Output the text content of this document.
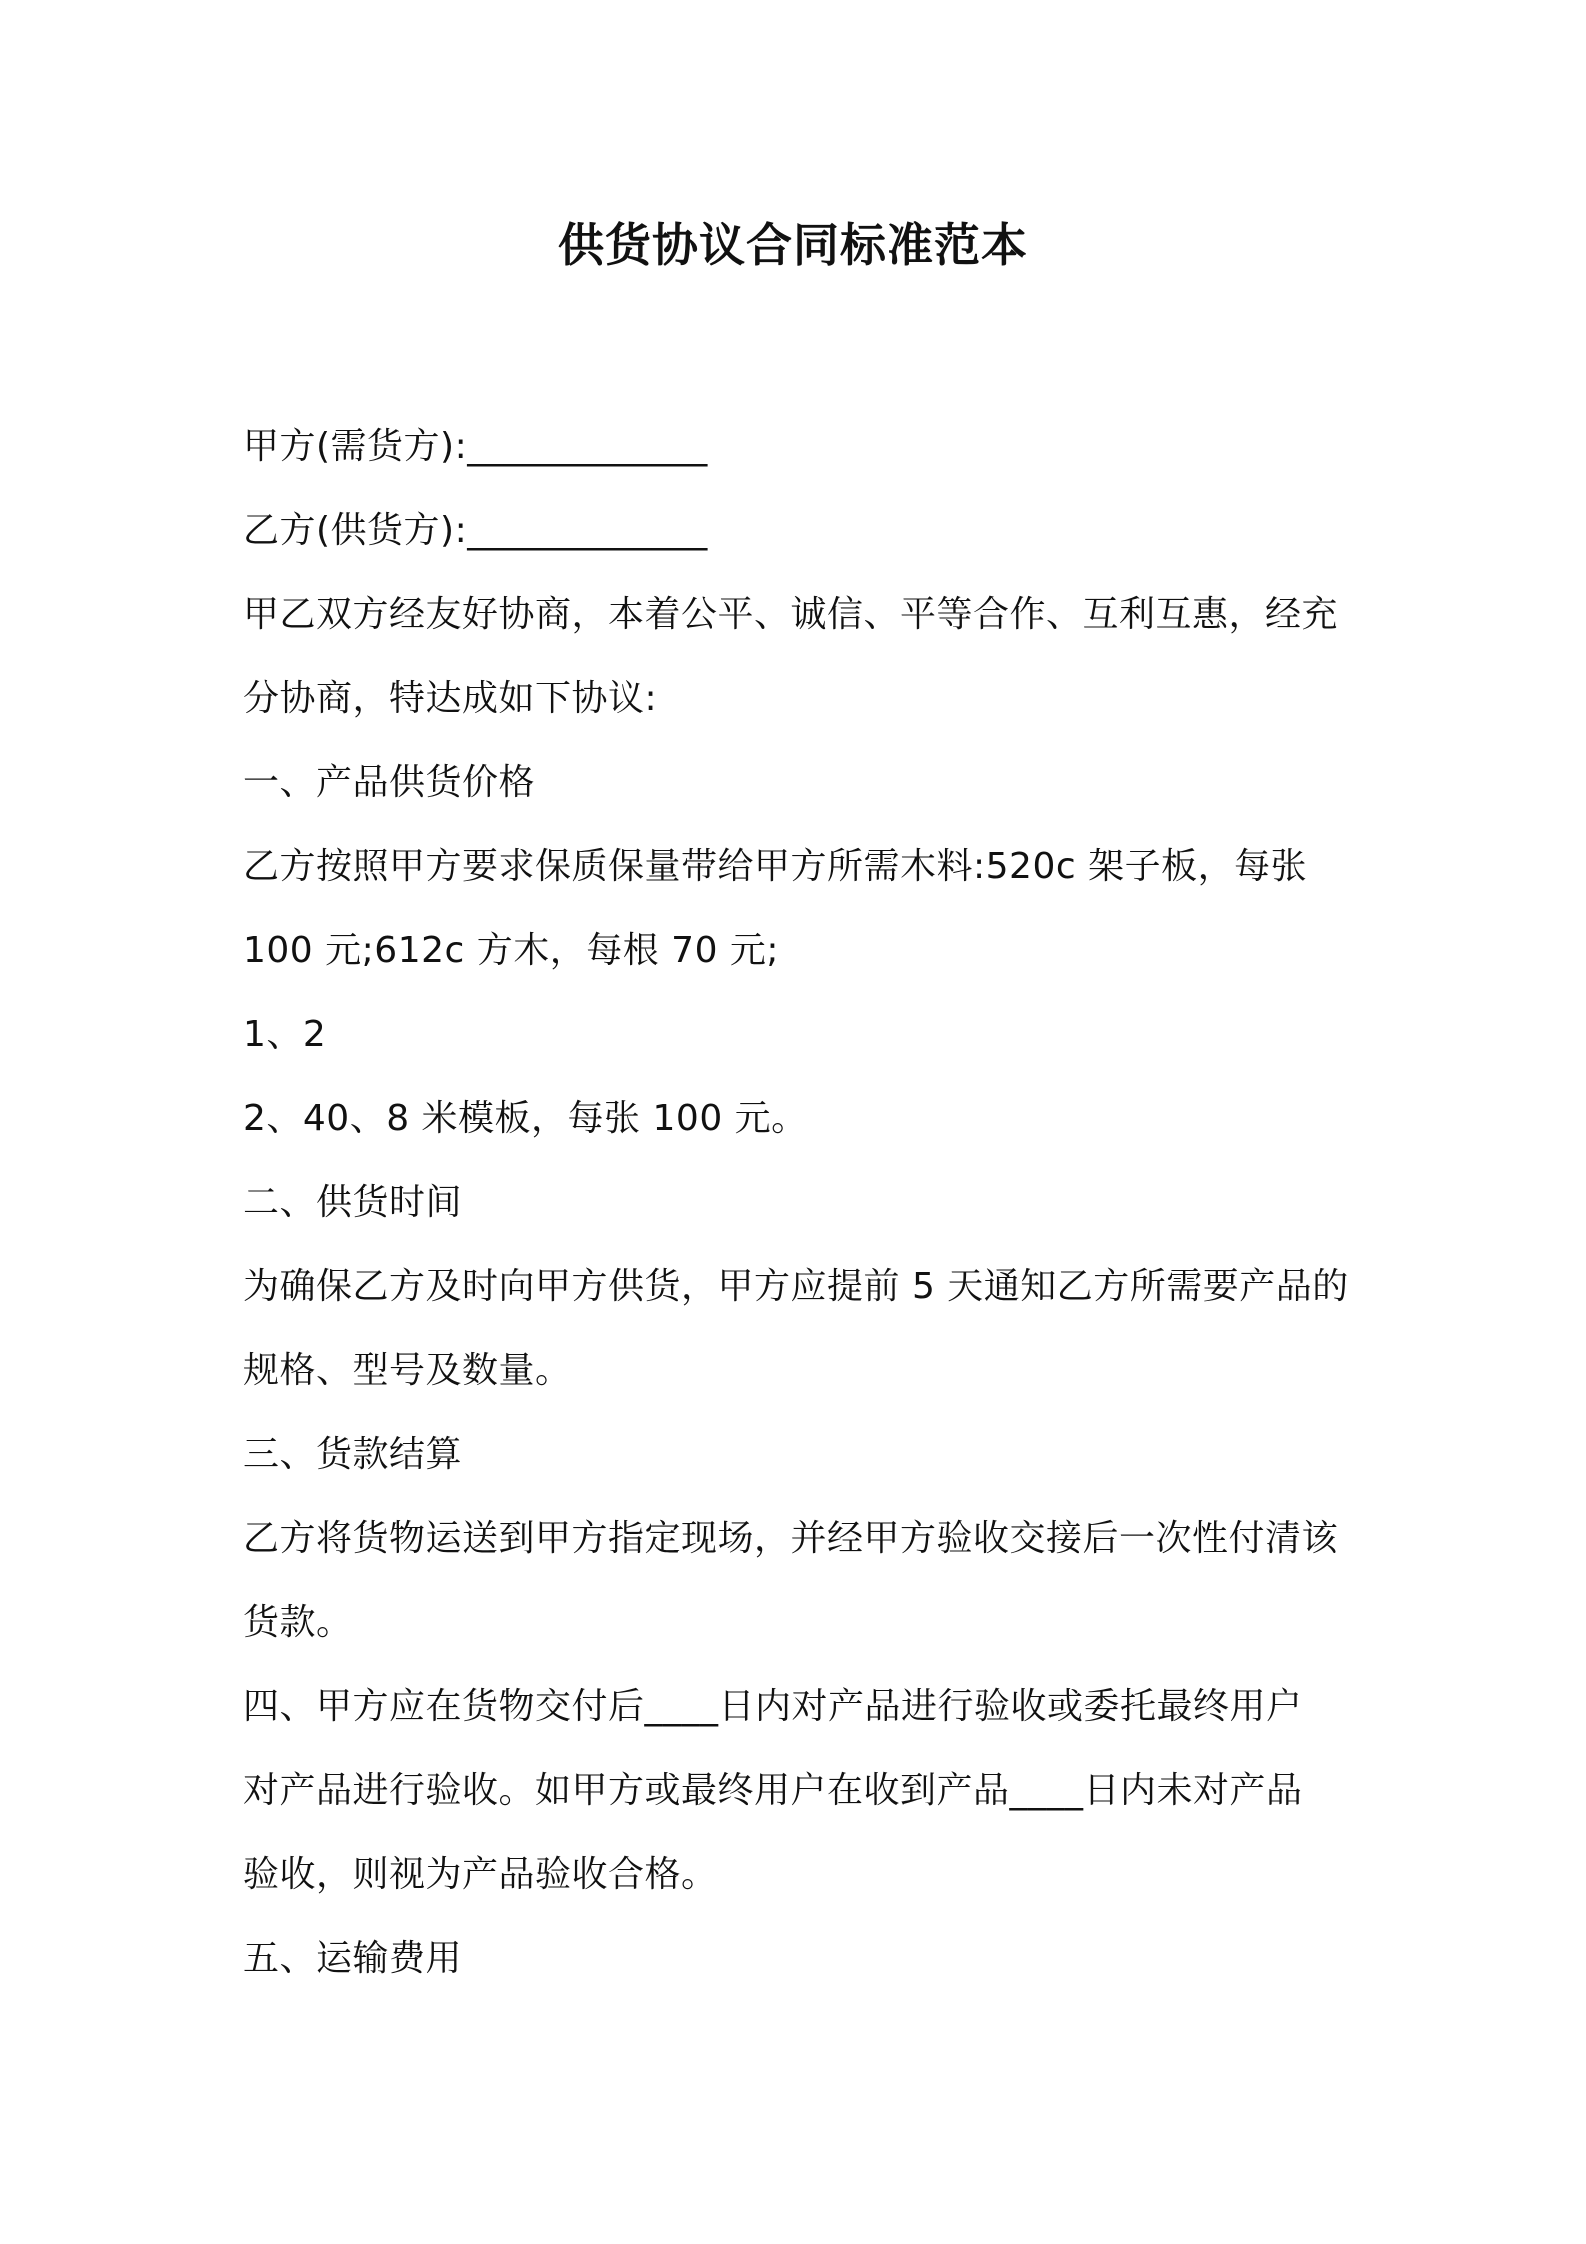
供货协议合同标准范本
甲方(需货方):_____________
乙方(供货方):_____________
甲乙双方经友好协商，本着公平、诚信、平等合作、互利互惠，经充
分协商，特达成如下协议:
一、产品供货价格
乙方按照甲方要求保质保量带给甲方所需木料:520c 架子板，每张
100 元;612c 方木，每根 70 元;
1、2
2、40、8 米模板，每张 100 元。
二、供货时间
为确保乙方及时向甲方供货，甲方应提前 5 天通知乙方所需要产品的
规格、型号及数量。
三、货款结算
乙方将货物运送到甲方指定现场，并经甲方验收交接后一次性付清该
货款。
四、甲方应在货物交付后____日内对产品进行验收或委托最终用户
对产品进行验收。如甲方或最终用户在收到产品____日内未对产品
验收，则视为产品验收合格。
五、运输费用
